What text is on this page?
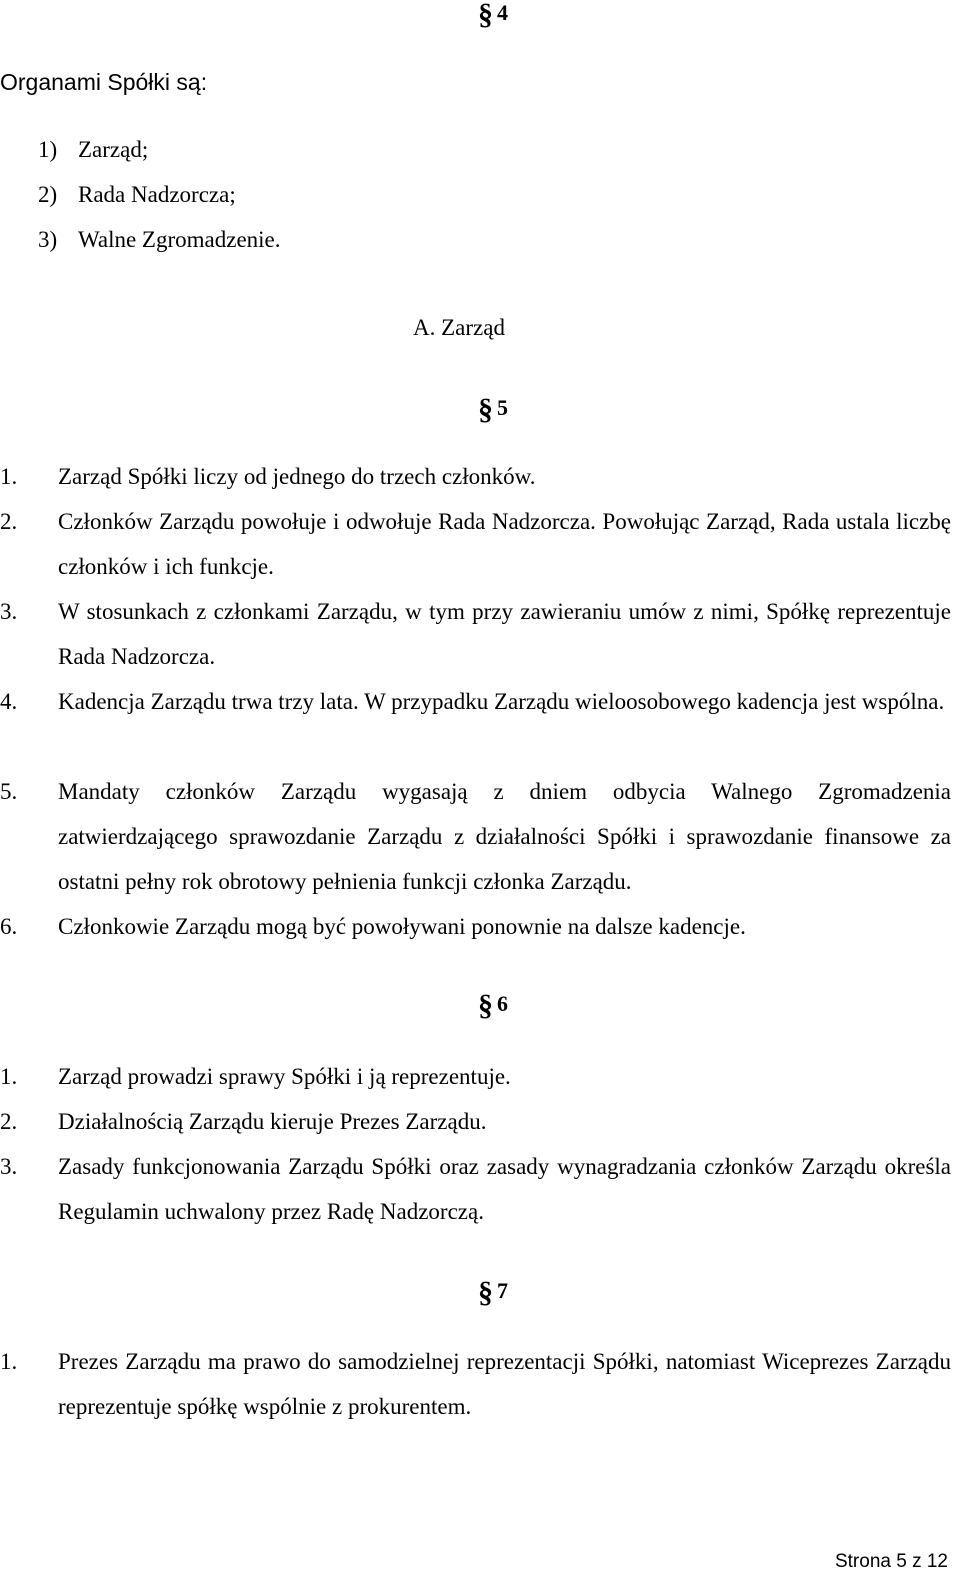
§ 4
Organami Spółki są:
1) Zarząd;
2) Rada Nadzorcza;
3) Walne Zgromadzenie.
A. Zarząd
§ 5
1. Zarząd Spółki liczy od jednego do trzech członków.
2. Członków Zarządu powołuje i odwołuje Rada Nadzorcza. Powołując Zarząd, Rada ustala liczbę członków i ich funkcje.
3. W stosunkach z członkami Zarządu, w tym przy zawieraniu umów z nimi, Spółkę reprezentuje Rada Nadzorcza.
4. Kadencja Zarządu trwa trzy lata. W przypadku Zarządu wieloosobowego kadencja jest wspólna.
5. Mandaty członków Zarządu wygasają z dniem odbycia Walnego Zgromadzenia zatwierdzającego sprawozdanie Zarządu z działalności Spółki i sprawozdanie finansowe za ostatni pełny rok obrotowy pełnienia funkcji członka Zarządu.
6. Członkowie Zarządu mogą być powoływani ponownie na dalsze kadencje.
§ 6
1. Zarząd prowadzi sprawy Spółki i ją reprezentuje.
2. Działalnością Zarządu kieruje Prezes Zarządu.
3. Zasady funkcjonowania Zarządu Spółki oraz zasady wynagradzania członków Zarządu określa Regulamin uchwalony przez Radę Nadzorczą.
§ 7
1. Prezes Zarządu ma prawo do samodzielnej reprezentacji Spółki, natomiast Wiceprezes Zarządu reprezentuje spółkę wspólnie z prokurentem.
Strona 5 z 12
